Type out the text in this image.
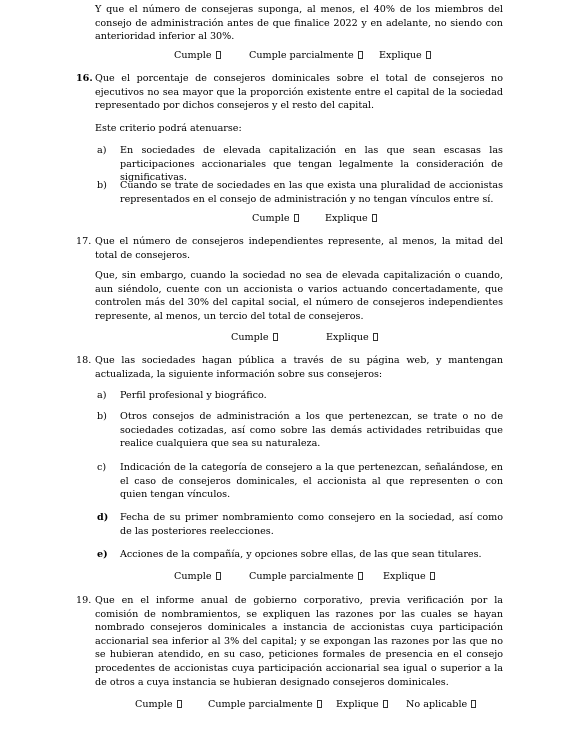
Y que el número de consejeras suponga, al menos, el 40% de los miembros del consejo de administración antes de que finalice 2022 y en adelante, no siendo con anterioridad inferior al 30%.

Cumple	Cumple parcialmente	Explique
16. Que el porcentaje de consejeros dominicales sobre el total de consejeros no ejecutivos no sea mayor que la proporción existente entre el capital de la sociedad representado por dichos consejeros y el resto del capital.

Este criterio podrá atenuarse:

a) En sociedades de elevada capitalización en las que sean escasas las participaciones accionariales que tengan legalmente la consideración de significativas.

b) Cuando se trate de sociedades en las que exista una pluralidad de accionistas representados en el consejo de administración y no tengan vínculos entre sí.

Cumple	Explique
17. Que el número de consejeros independientes represente, al menos, la mitad del total de consejeros.

Que, sin embargo, cuando la sociedad no sea de elevada capitalización o cuando, aun siéndolo, cuente con un accionista o varios actuando concertadamente, que controlen más del 30% del capital social, el número de consejeros independientes represente, al menos, un tercio del total de consejeros.

Cumple	Explique
18. Que las sociedades hagan pública a través de su página web, y mantengan actualizada, la siguiente información sobre sus consejeros:

a) Perfil profesional y biográfico.

b) Otros consejos de administración a los que pertenezcan, se trate o no de sociedades cotizadas, así como sobre las demás actividades retribuidas que realice cualquiera que sea su naturaleza.

c) Indicación de la categoría de consejero a la que pertenezcan, señalándose, en el caso de consejeros dominicales, el accionista al que representen o con quien tengan vínculos.

d) Fecha de su primer nombramiento como consejero en la sociedad, así como de las posteriores reelecciones.

e) Acciones de la compañía, y opciones sobre ellas, de las que sean titulares.

Cumple	Cumple parcialmente	Explique
19. Que en el informe anual de gobierno corporativo, previa verificación por la comisión de nombramientos, se expliquen las razones por las cuales se hayan nombrado consejeros dominicales a instancia de accionistas cuya participación accionarial sea inferior al 3% del capital; y se expongan las razones por las que no se hubieran atendido, en su caso, peticiones formales de presencia en el consejo procedentes de accionistas cuya participación accionarial sea igual o superior a la de otros a cuya instancia se hubieran designado consejeros dominicales.

Cumple	Cumple parcialmente	Explique	No aplicable
